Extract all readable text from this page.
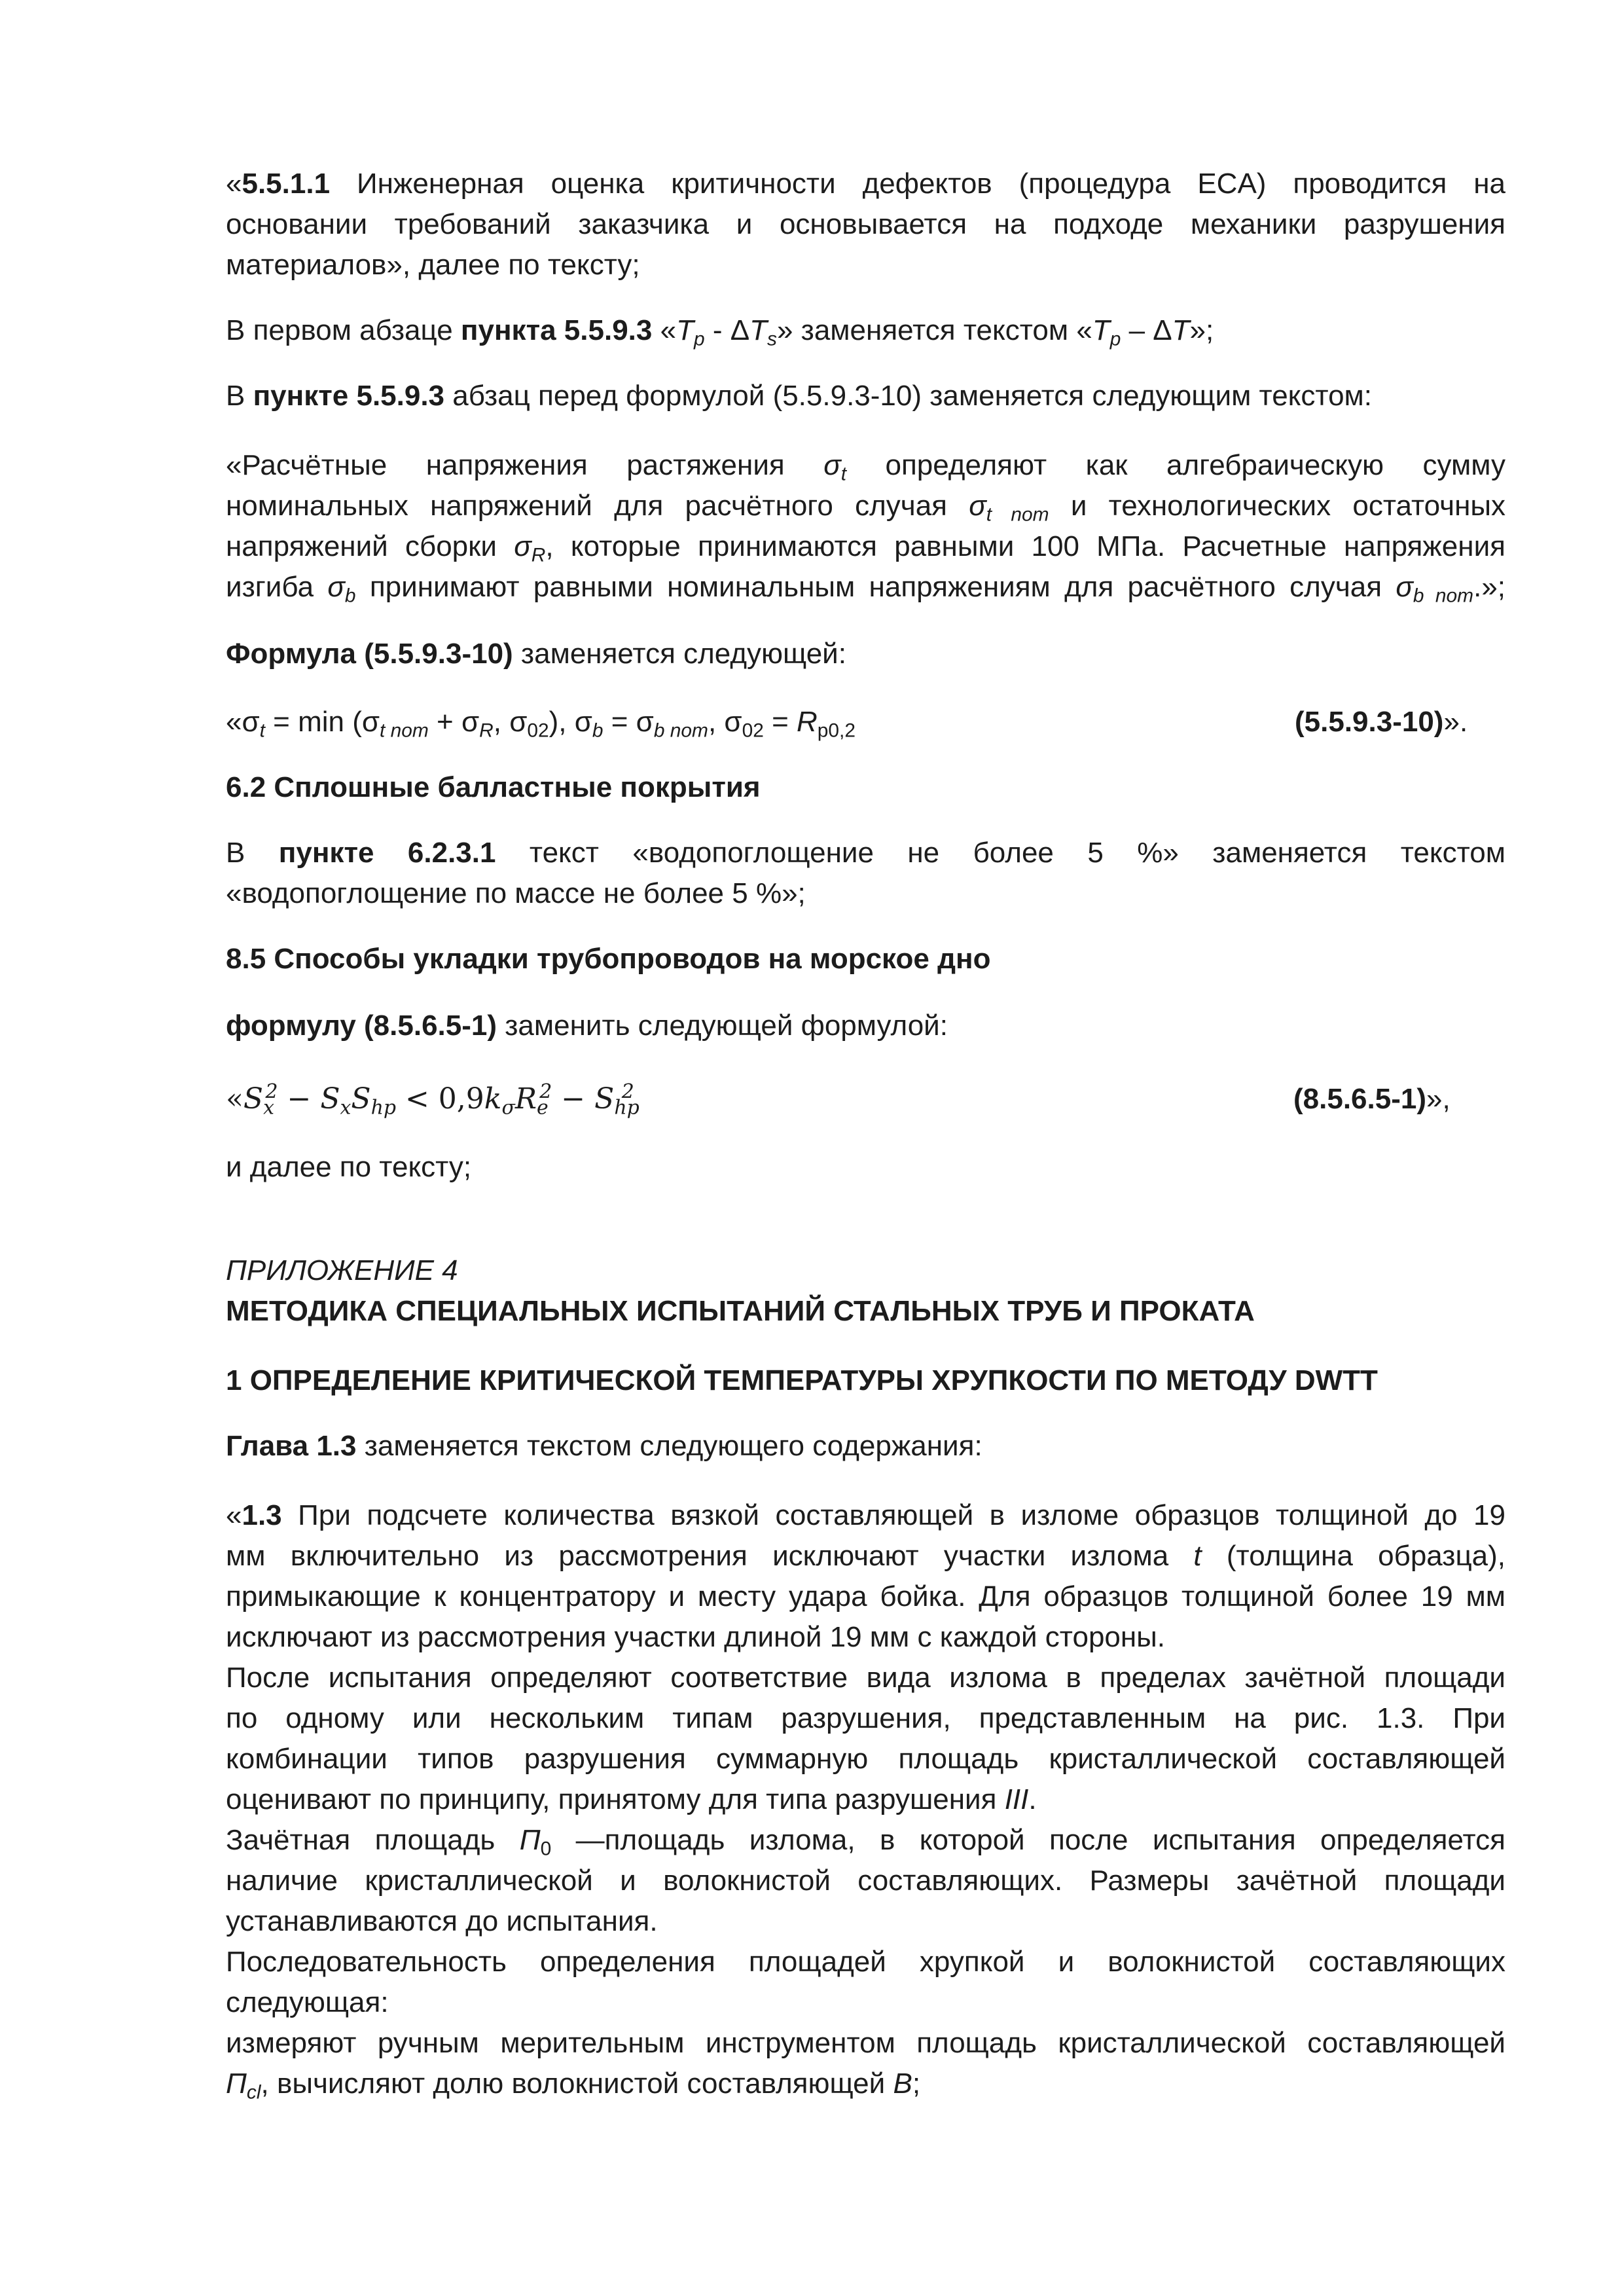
«5.5.1.1 Инженерная оценка критичности дефектов (процедура ECA) проводится на
основании требований заказчика и основывается на подходе механики разрушения
материалов», далее по тексту;
В первом абзаце пункта 5.5.9.3 «$T_p - \Delta T_s$» заменяется текстом «$T_p$ – ΔT»;
В пункте 5.5.9.3 абзац перед формулой (5.5.9.3-10) заменяется следующим текстом:
«Расчётные напряжения растяжения $\sigma_t$ определяют как алгебраическую сумму
номинальных напряжений для расчётного случая $\sigma_{t nom}$ и технологических остаточных
напряжений сборки $\sigma_R$, которые принимаются равными 100 МПа. Расчетные напряжения
изгиба $\sigma_b$ принимают равными номинальным напряжениям для расчётного случая $\sigma_{b nom}$.»;
Формула (5.5.9.3-10) заменяется следующей:
«$\sigma_t = \min (\sigma_{t nom} + \sigma_R$, $\sigma_{02}$), $\sigma_b = \sigma_{b nom}$, $\sigma_{02} = R_{p0,2}$	(5.5.9.3-10)».
6.2 Сплошные балластные покрытия
В пункте 6.2.3.1 текст «водопоглощение не более 5 %» заменяется текстом
«водопоглощение по массе не более 5 %»;
8.5 Способы укладки трубопроводов на морское дно
формулу (8.5.6.5-1) заменить следующей формулой:
«$S_x^2 - S_xS_{hp} < 0,9k_\sigma R_e^2 - S_{hp}^2$	(8.5.6.5-1)»,
и далее по тексту;
ПРИЛОЖЕНИЕ 4
МЕТОДИКА СПЕЦИАЛЬНЫХ ИСПЫТАНИЙ СТАЛЬНЫХ ТРУБ И ПРОКАТА
1 ОПРЕДЕЛЕНИЕ КРИТИЧЕСКОЙ ТЕМПЕРАТУРЫ ХРУПКОСТИ ПО МЕТОДУ DWTT
Глава 1.3 заменяется текстом следующего содержания:
«1.3 При подсчете количества вязкой составляющей в изломе образцов толщиной до 19
мм включительно из рассмотрения исключают участки излома t (толщина образца),
примыкающие к концентратору и месту удара бойка. Для образцов толщиной более 19 мм
исключают из рассмотрения участки длиной 19 мм с каждой стороны.
После испытания определяют соответствие вида излома в пределах зачётной площади
по одному или нескольким типам разрушения, представленным на рис. 1.3. При
комбинации типов разрушения суммарную площадь кристаллической составляющей
оценивают по принципу, принятому для типа разрушения III.
Зачётная площадь $П_0$ —площадь излома, в которой после испытания определяется
наличие кристаллической и волокнистой составляющих. Размеры зачётной площади
устанавливаются до испытания.
Последовательность определения площадей хрупкой и волокнистой составляющих
следующая:
измеряют ручным мерительным инструментом площадь кристаллической составляющей
$П_{cl}$, вычисляют долю волокнистой составляющей B;
